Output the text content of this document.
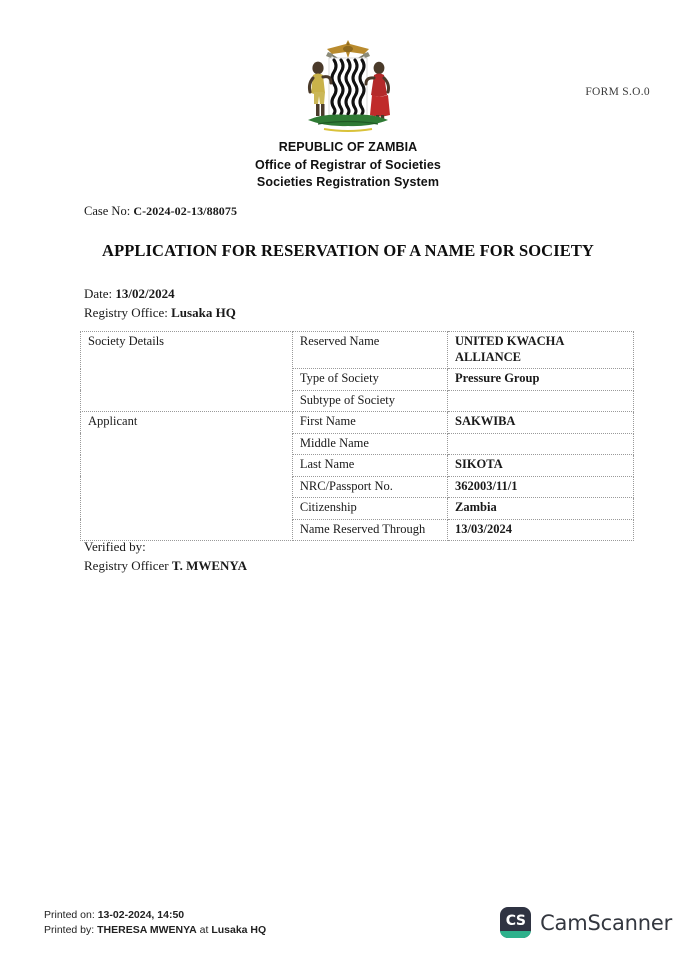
FORM S.O.0
REPUBLIC OF ZAMBIA
Office of Registrar of Societies
Societies Registration System
Case No: C-2024-02-13/88075
APPLICATION FOR RESERVATION OF A NAME FOR SOCIETY
Date: 13/02/2024
Registry Office: Lusaka HQ
Society Details	Reserved Name	UNITED KWACHA ALLIANCE
	Type of Society	Pressure Group
	Subtype of Society	
Applicant	First Name	SAKWIBA
	Middle Name	
	Last Name	SIKOTA
	NRC/Passport No.	362003/11/1
	Citizenship	Zambia
	Name Reserved Through	13/03/2024
Verified by:
Registry Officer T. MWENYA
Printed on: 13-02-2024, 14:50
Printed by: THERESA MWENYA at Lusaka HQ
CS CamScanner
